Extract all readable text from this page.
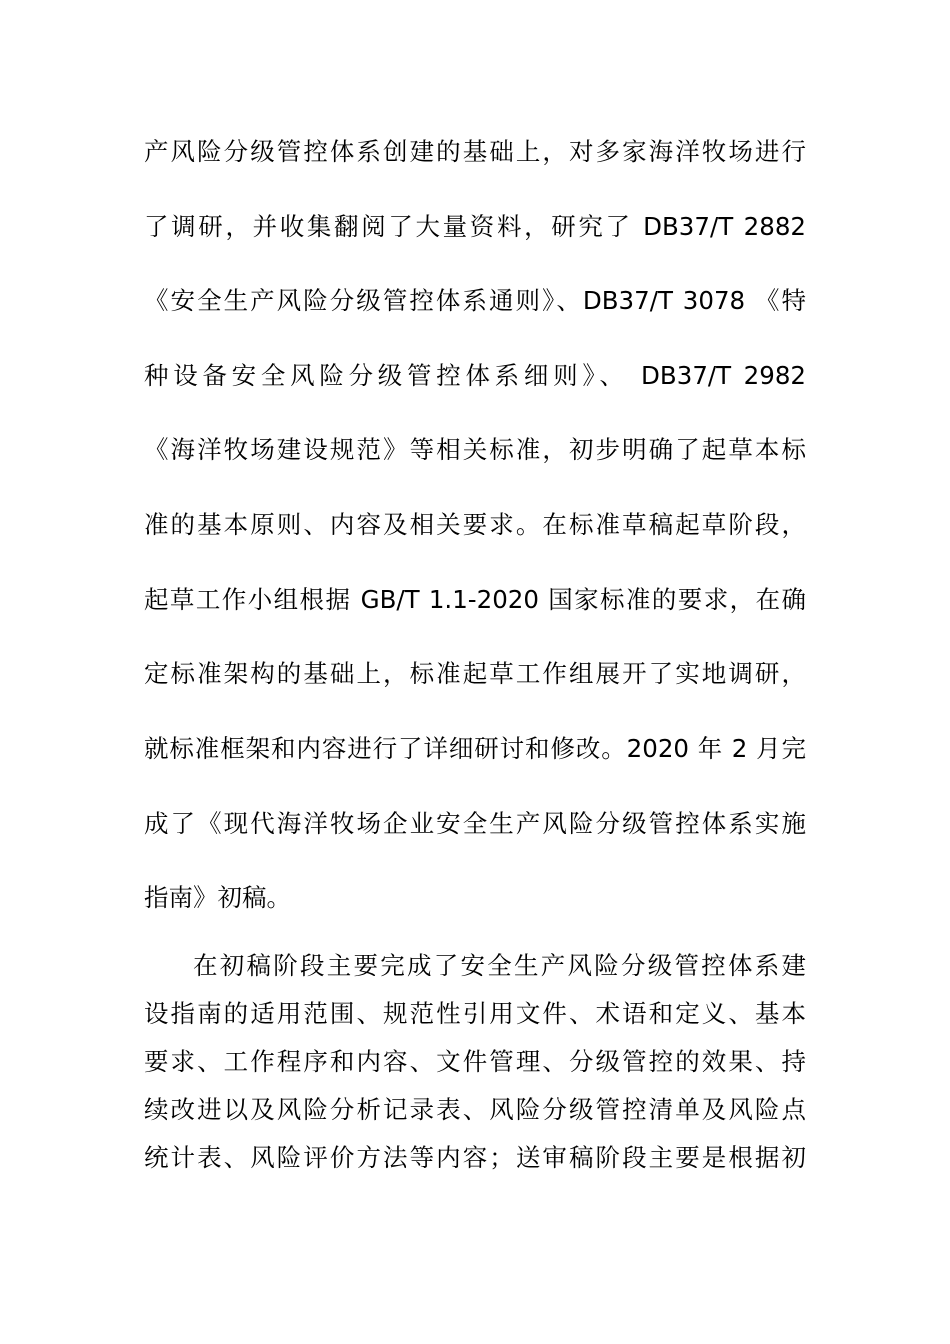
产风险分级管控体系创建的基础上，对多家海洋牧场进行
了调研，并收集翻阅了大量资料，研究了 DB37/T 2882
《安全生产风险分级管控体系通则》、DB37/T 3078 《特
种设备安全风险分级管控体系细则》、 DB37/T 2982
《海洋牧场建设规范》等相关标准，初步明确了起草本标
准的基本原则、内容及相关要求。在标准草稿起草阶段，
起草工作小组根据 GB/T 1.1-2020 国家标准的要求，在确
定标准架构的基础上，标准起草工作组展开了实地调研，
就标准框架和内容进行了详细研讨和修改。2020 年 2 月完
成了《现代海洋牧场企业安全生产风险分级管控体系实施
指南》初稿。
在初稿阶段主要完成了安全生产风险分级管控体系建
设指南的适用范围、规范性引用文件、术语和定义、基本
要求、工作程序和内容、文件管理、分级管控的效果、持
续改进以及风险分析记录表、风险分级管控清单及风险点
统计表、风险评价方法等内容；送审稿阶段主要是根据初
